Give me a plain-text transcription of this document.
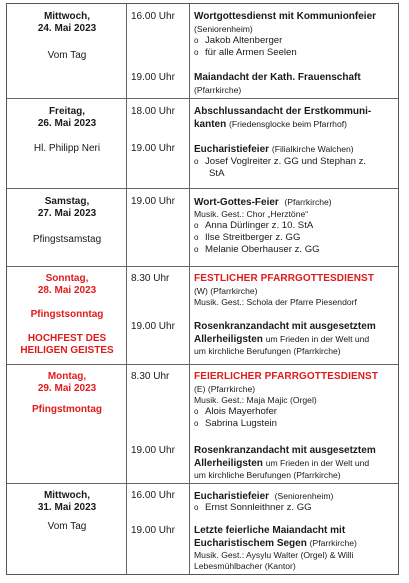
Mittwoch,
24. Mai 2023
Vom Tag
16.00 Uhr
19.00 Uhr
Wortgottesdienst mit Kommunionfeier
(Seniorenheim)
o Jakob Altenberger
o für alle Armen Seelen
Maiandacht der Kath. Frauenschaft
(Pfarrkirche)
Freitag,
26. Mai 2023
Hl. Philipp Neri
18.00 Uhr
19.00 Uhr
Abschlussandacht der Erstkommuni-
kanten (Friedensglocke beim Pfarrhof)
Eucharistiefeier (Filialkirche Walchen)
o Josef Voglreiter z. GG und Stephan z.
StA
Samstag,
27. Mai 2023
Pfingstsamstag
19.00 Uhr Wort-Gottes-Feier (Pfarrkirche)
Musik. Gest.: Chor „Herztöne“
o Anna Dürlinger z. 10. StA
o Ilse Streitberger z. GG
o Melanie Oberhauser z. GG
Sonntag,
28. Mai 2023
Pfingstsonntag
HOCHFEST DES
HEILIGEN GEISTES
8.30 Uhr
19.00 Uhr
FESTLICHER PFARRGOTTESDIENST
(W) (Pfarrkirche)
Musik. Gest.: Schola der Pfarre Piesendorf
Rosenkranzandacht mit ausgesetztem
Allerheiligsten um Frieden in der Welt und
um kirchliche Berufungen (Pfarrkirche)
Montag,
29. Mai 2023
Pfingstmontag
8.30 Uhr
19.00 Uhr
FEIERLICHER PFARRGOTTESDIENST
(E) (Pfarrkirche)
Musik. Gest.: Maja Majic (Orgel)
o Alois Mayerhofer
o Sabrina Lugstein
Rosenkranzandacht mit ausgesetztem
Allerheiligsten um Frieden in der Welt und
um kirchliche Berufungen (Pfarrkirche)
Mittwoch,
31. Mai 2023
Vom Tag
16.00 Uhr
19.00 Uhr
Eucharistiefeier (Seniorenheim)
o Ernst Sonnleithner z. GG
Letzte feierliche Maiandacht mit
Eucharistischem Segen (Pfarrkirche)
Musik. Gest.: Aysylu Walter (Orgel) & Willi
Lebesmühlbacher (Kantor)
